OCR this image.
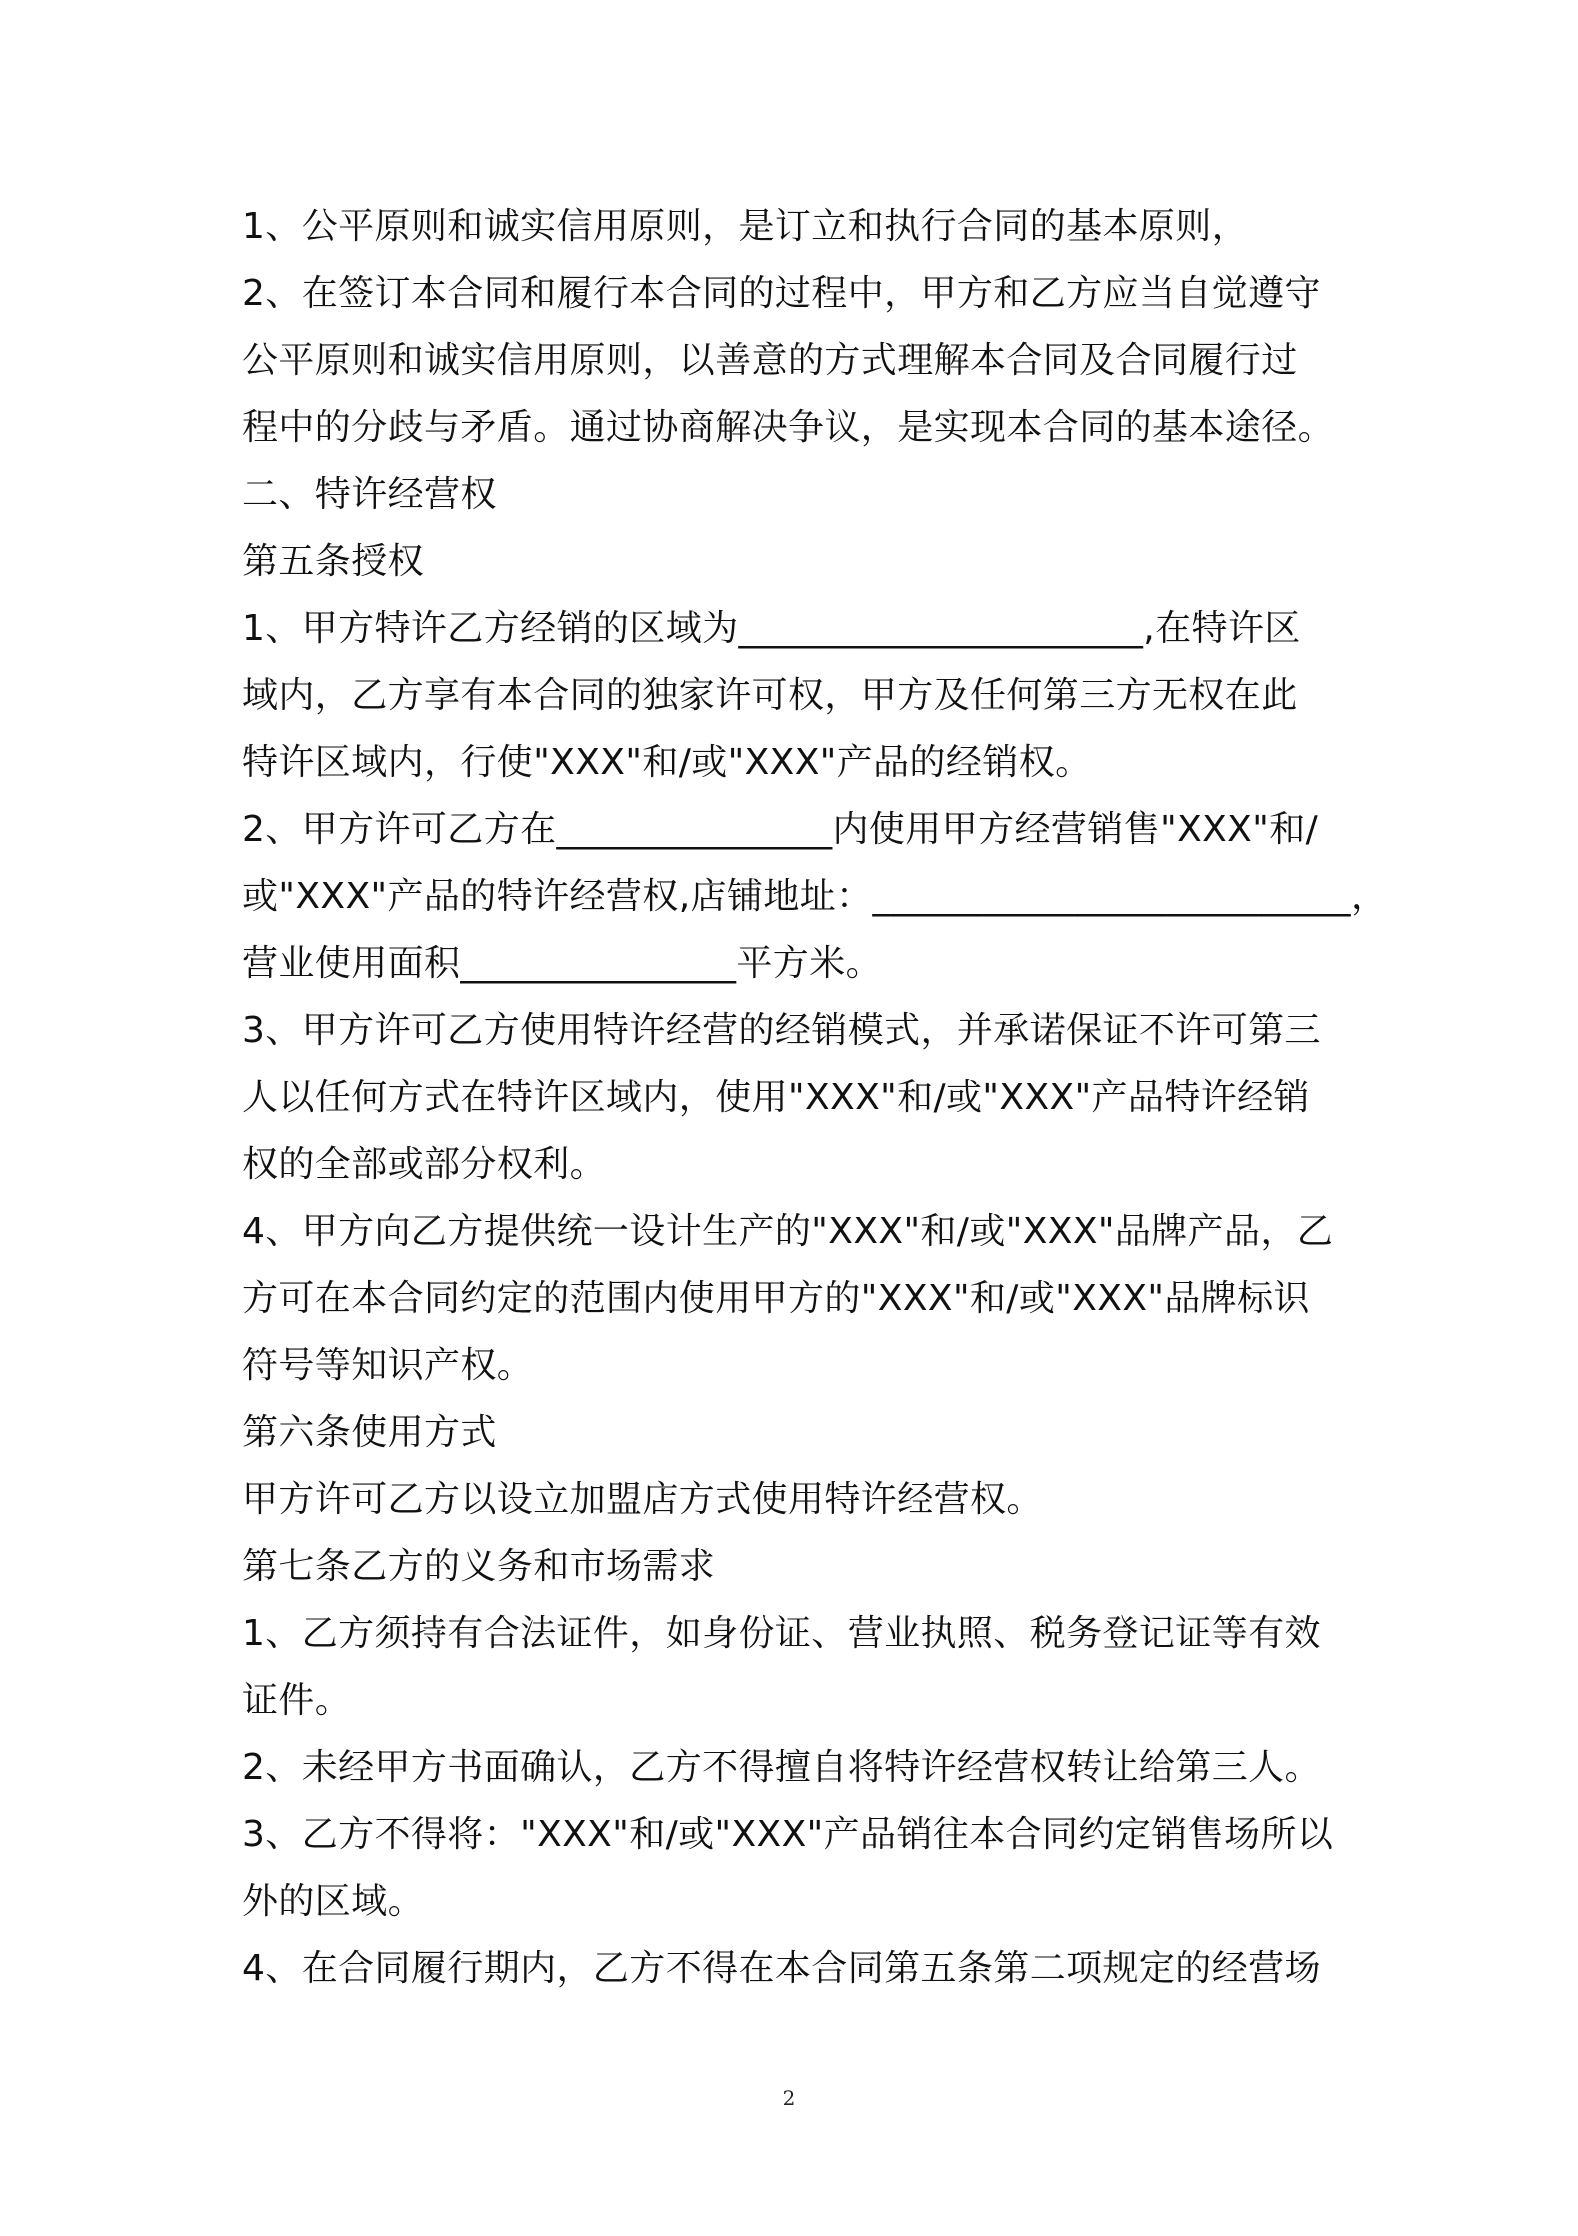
1、公平原则和诚实信用原则，是订立和执行合同的基本原则，
2、在签订本合同和履行本合同的过程中，甲方和乙方应当自觉遵守
公平原则和诚实信用原则，以善意的方式理解本合同及合同履行过
程中的分歧与矛盾。通过协商解决争议，是实现本合同的基本途径。
二、特许经营权
第五条授权
1、甲方特许乙方经销的区域为______________________,在特许区
域内，乙方享有本合同的独家许可权，甲方及任何第三方无权在此
特许区域内，行使"XXX"和/或"XXX"产品的经销权。
2、甲方许可乙方在_______________内使用甲方经营销售"XXX"和/
或"XXX"产品的特许经营权,店铺地址：__________________________，
营业使用面积_______________平方米。
3、甲方许可乙方使用特许经营的经销模式，并承诺保证不许可第三
人以任何方式在特许区域内，使用"XXX"和/或"XXX"产品特许经销
权的全部或部分权利。
4、甲方向乙方提供统一设计生产的"XXX"和/或"XXX"品牌产品，乙
方可在本合同约定的范围内使用甲方的"XXX"和/或"XXX"品牌标识
符号等知识产权。
第六条使用方式
甲方许可乙方以设立加盟店方式使用特许经营权。
第七条乙方的义务和市场需求
1、乙方须持有合法证件，如身份证、营业执照、税务登记证等有效
证件。
2、未经甲方书面确认，乙方不得擅自将特许经营权转让给第三人。
3、乙方不得将："XXX"和/或"XXX"产品销往本合同约定销售场所以
外的区域。
4、在合同履行期内，乙方不得在本合同第五条第二项规定的经营场
2
